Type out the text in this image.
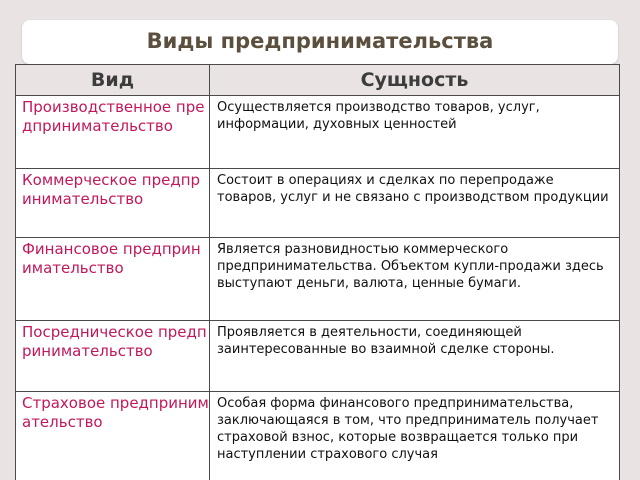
Виды предпринимательства
Вид	Сущность
Производственное предпринимательство	Осуществляется производство товаров, услуг, информации, духовных ценностей
Коммерческое предпринимательство	Состоит в операциях и сделках по перепродаже товаров, услуг и не связано с производством продукции
Финансовое предпринимательство	Является разновидностью коммерческого предпринимательства. Объектом купли-продажи здесь выступают деньги, валюта, ценные бумаги.
Посредническое предпринимательство	Проявляется в деятельности, соединяющей заинтересованные во взаимной сделке стороны.
Страховое предпринимательство	Особая форма финансового предпринимательства, заключающаяся в том, что предприниматель получает страховой взнос, которые возвращается только при наступлении страхового случая
